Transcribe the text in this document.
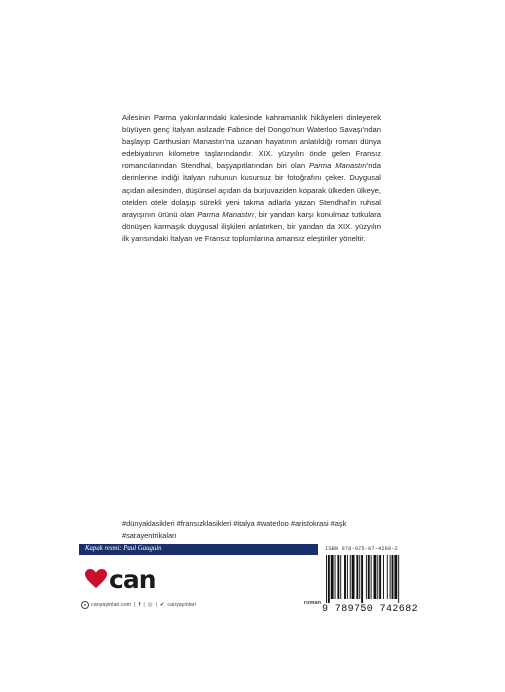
Ailesinin Parma yakınlarındaki kalesinde kahramanlık hikâyeleri dinleyerek büyüyen genç İtalyan asilzade Fabrice del Dongo'nun Waterloo Savaşı'ndan başlayıp Carthusian Manastırı'na uzanan hayatının anlatıldığı roman dünya edebiyatının kilometre taşlarındandır. XIX. yüzyılın önde gelen Fransız romancılarından Stendhal, başyapıtlarından biri olan Parma Manastırı'nda derinlerine indiği İtalyan ruhunun kusursuz bir fotoğrafını çeker. Duygusal açıdan ailesinden, düşünsel açıdan da burjuvaziden koparak ülkeden ülkeye, otelden otele dolaşıp sürekli yeni takma adlarla yazan Stendhal'in ruhsal arayışının ürünü olan Parma Manastırı, bir yandan karşı konulmaz tutkulara dönüşen karmaşık duygusal ilişkileri anlatırken, bir yandan da XIX. yüzyılın ilk yarısındaki İtalyan ve Fransız toplumlarına amansız eleştiriler yöneltir.

#dünyaklasikleri #fransızklasikleri #italya #waterloo #aristokrasi #aşk #sarayentrikaları
Kapak resmi: Paul Gauguin
can
● canyayinlari.com | f | ◎ | ✔ canyayinlari	roman
ISBN 978-975-07-4268-2
9 789750 742682
